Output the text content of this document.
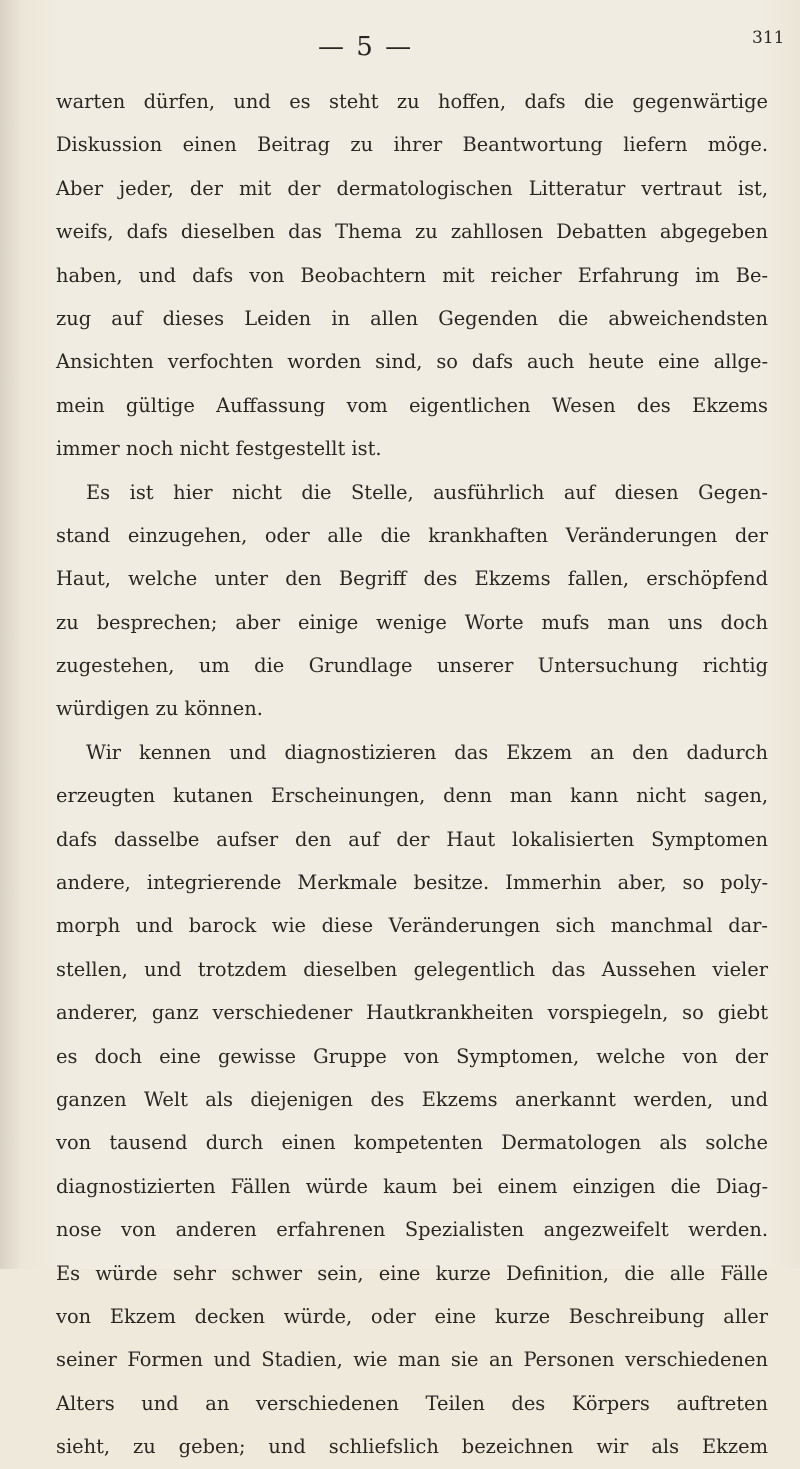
— 5 —	311
warten dürfen, und es steht zu hoffen, dafs die gegenwärtige
Diskussion einen Beitrag zu ihrer Beantwortung liefern möge.
Aber jeder, der mit der dermatologischen Litteratur vertraut ist,
weifs, dafs dieselben das Thema zu zahllosen Debatten abgegeben
haben, und dafs von Beobachtern mit reicher Erfahrung im Be-
zug auf dieses Leiden in allen Gegenden die abweichendsten
Ansichten verfochten worden sind, so dafs auch heute eine allge-
mein gültige Auffassung vom eigentlichen Wesen des Ekzems
immer noch nicht festgestellt ist.
Es ist hier nicht die Stelle, ausführlich auf diesen Gegen-
stand einzugehen, oder alle die krankhaften Veränderungen der
Haut, welche unter den Begriff des Ekzems fallen, erschöpfend
zu besprechen; aber einige wenige Worte mufs man uns doch
zugestehen, um die Grundlage unserer Untersuchung richtig
würdigen zu können.
Wir kennen und diagnostizieren das Ekzem an den dadurch
erzeugten kutanen Erscheinungen, denn man kann nicht sagen,
dafs dasselbe aufser den auf der Haut lokalisierten Symptomen
andere, integrierende Merkmale besitze. Immerhin aber, so poly-
morph und barock wie diese Veränderungen sich manchmal dar-
stellen, und trotzdem dieselben gelegentlich das Aussehen vieler
anderer, ganz verschiedener Hautkrankheiten vorspiegeln, so giebt
es doch eine gewisse Gruppe von Symptomen, welche von der
ganzen Welt als diejenigen des Ekzems anerkannt werden, und
von tausend durch einen kompetenten Dermatologen als solche
diagnostizierten Fällen würde kaum bei einem einzigen die Diag-
nose von anderen erfahrenen Spezialisten angezweifelt werden.
Es würde sehr schwer sein, eine kurze Definition, die alle Fälle
von Ekzem decken würde, oder eine kurze Beschreibung aller
seiner Formen und Stadien, wie man sie an Personen verschiedenen
Alters und an verschiedenen Teilen des Körpers auftreten
sieht, zu geben; und schliefslich bezeichnen wir als Ekzem
